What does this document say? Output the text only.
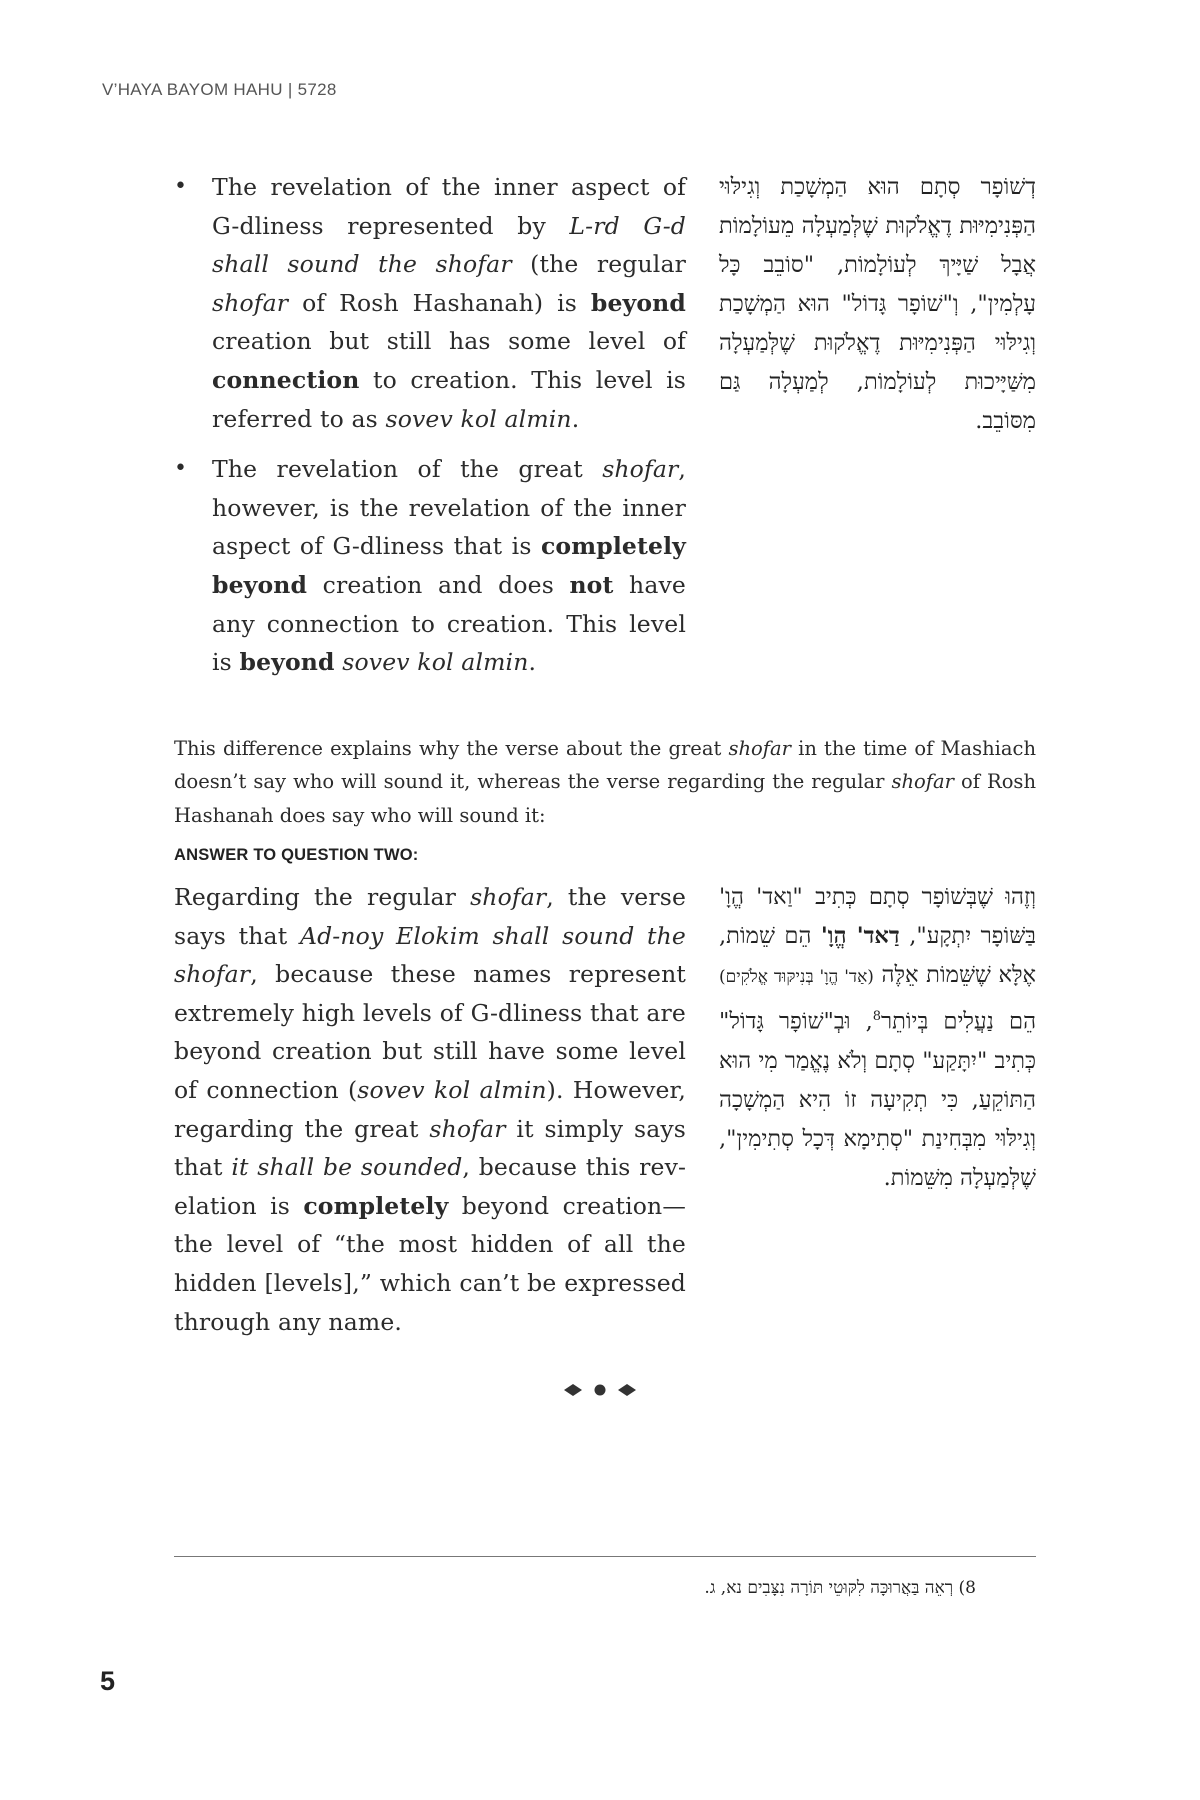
V’HAYA BAYOM HAHU | 5728
• The revelation of the inner aspect of G-dliness represented by L-rd G-d shall sound the shofar (the regular shofar of Rosh Hashanah) is beyond creation but still has some level of connection to creation. This level is referred to as sovev kol almin.
• The revelation of the great shofar, however, is the revelation of the inner aspect of G-dliness that is completely beyond creation and does not have any connection to creation. This level is beyond sovev kol almin.
דְשׁוֹפָר סְתָם הוּא הַמְשָׁכַת וְגִילּוּי הַפְּנִימִיּוּת דֶאֱלֹקוּת שֶׁלְּמַעְלָה מֵעוֹלָמוֹת אֲבָל שַׁיָּיךְ לְעוֹלָמוֹת, "סוֹבֵב כָּל עָלְמִין", וְ"שׁוֹפָר גָּדוֹל" הוּא הַמְשָׁכַת וְגִילּוּי הַפְּנִימִיּוּת דֶאֱלֹקוּת שֶׁלְּמַעְלָה מִשַּׁיָּיכוּת לְעוֹלָמוֹת, לְמַעְלָה גַּם מִסּוֹבֵב.

This difference explains why the verse about the great shofar in the time of Mashiach doesn’t say who will sound it, whereas the verse regarding the regular shofar of Rosh Hashanah does say who will sound it:

ANSWER TO QUESTION TWO:

Regarding the regular shofar, the verse says that Ad-noy Elokim shall sound the shofar, because these names represent extremely high levels of G-dliness that are beyond creation but still have some level of connection (sovev kol almin). However, regarding the great shofar it simply says that it shall be sounded, because this revelation is completely beyond creation—the level of “the most hidden of all the hidden [levels],” which can’t be expressed through any name.

וְזֶהוּ שֶׁבְּשׁוֹפָר סְתָם כְּתִיב "וַאד' הֱוָ' בַּשּׁוֹפָר יִתְקָע", דַאד' הֱוָ' הֵם שֵׁמוֹת, אֶלָּא שֶׁשֵּׁמוֹת אֵלֶּה (אַד' הֱוָ' בְּנִיקּוּד אֱלֹקִים) הֵם נַעֲלִים בְּיוֹתֵר$^8$, וּבְ"שׁוֹפָר גָּדוֹל" כְּתִיב "יִתָּקַע" סְתָם וְלֹא נֶאֱמַר מִי הוּא הַתּוֹקֵעַ, כִּי תְקִיעָה זוֹ הִיא הַמְשָׁכָה וְגִילּוּי מִבְּחִינַת "סְתִימָא דְּכָל סְתִימִין", שֶׁלְּמַעְלָה מִשֵּׁמוֹת.
8) רְאֵה בַּאֲרוּכָּה לִקּוּטֵי תּוֹרָה נִצָּבִים נא, ג.
5
